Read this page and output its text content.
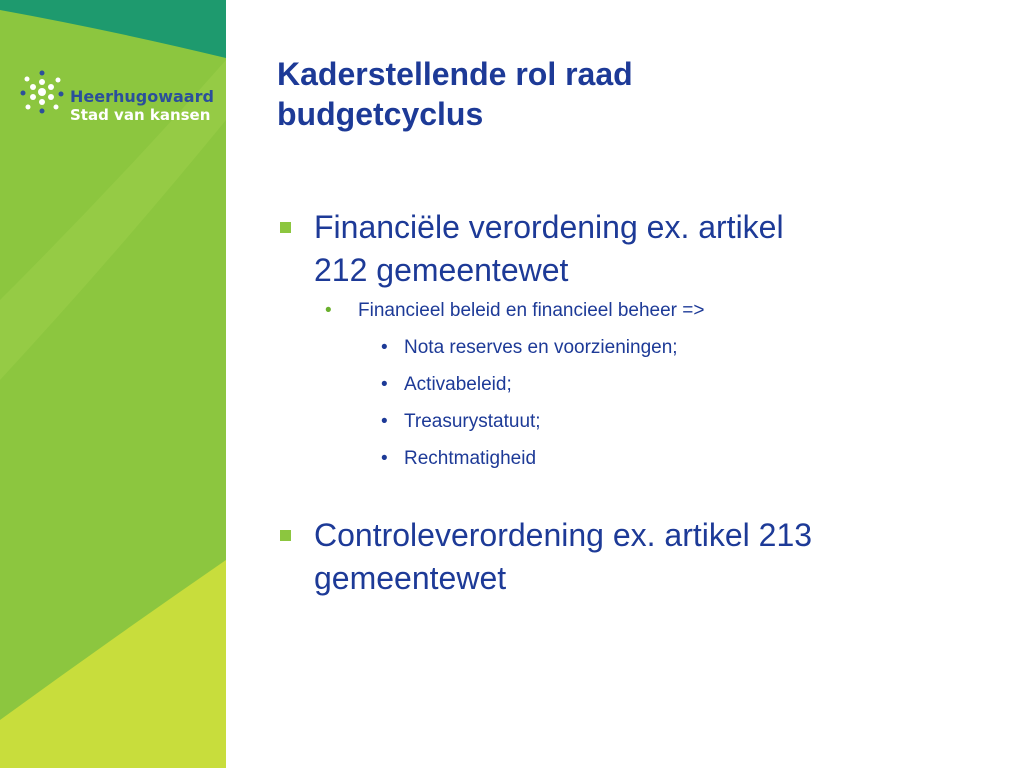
Heerhugowaard
Stad van kansen
Kaderstellende rol raad
budgetcyclus
Financiële verordening ex. artikel
212 gemeentewet
• Financieel beleid en financieel beheer =>
• Nota reserves en voorzieningen;
• Activabeleid;
• Treasurystatuut;
• Rechtmatigheid
Controleverordening ex. artikel 213
gemeentewet
